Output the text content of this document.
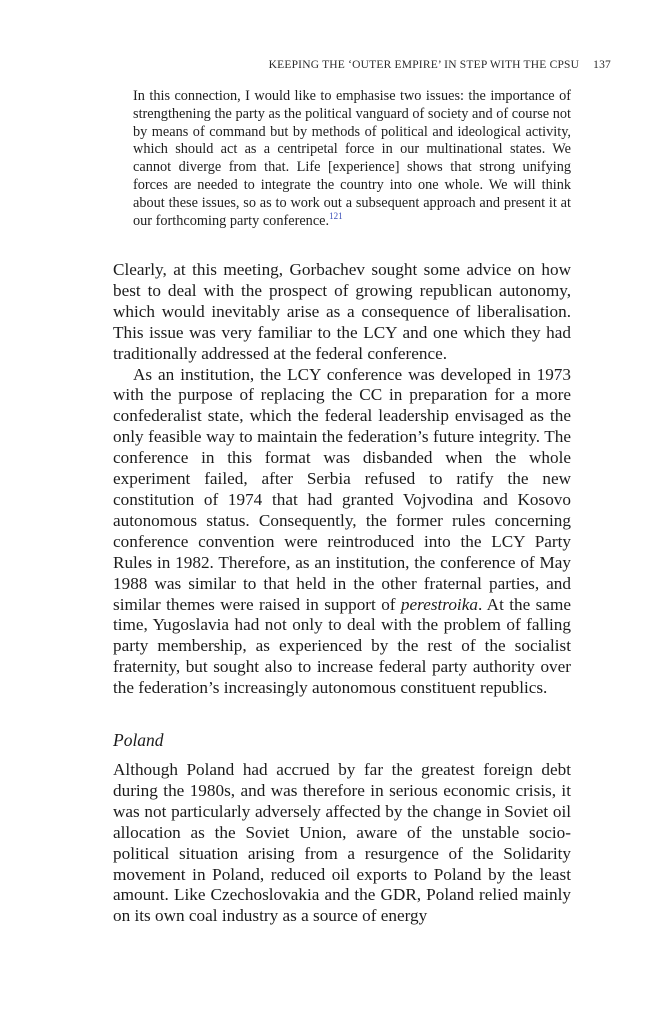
KEEPING THE ‘OUTER EMPIRE’ IN STEP WITH THE CPSU 137
In this connection, I would like to emphasise two issues: the importance of strengthening the party as the political vanguard of society and of course not by means of command but by methods of political and ideological activity, which should act as a centripetal force in our multinational states. We cannot diverge from that. Life [experience] shows that strong unifying forces are needed to integrate the country into one whole. We will think about these issues, so as to work out a subsequent approach and present it at our forthcoming party conference.$^{121}$

Clearly, at this meeting, Gorbachev sought some advice on how best to deal with the prospect of growing republican autonomy, which would inevitably arise as a consequence of liberalisation. This issue was very familiar to the LCY and one which they had traditionally addressed at the federal conference.

As an institution, the LCY conference was developed in 1973 with the purpose of replacing the CC in preparation for a more confederalist state, which the federal leadership envisaged as the only feasible way to maintain the federation’s future integrity. The conference in this format was disbanded when the whole experiment failed, after Serbia refused to ratify the new constitution of 1974 that had granted Vojvodina and Kosovo autonomous status. Consequently, the former rules concerning conference convention were reintroduced into the LCY Party Rules in 1982. Therefore, as an institution, the conference of May 1988 was similar to that held in the other fraternal parties, and similar themes were raised in support of perestroika. At the same time, Yugoslavia had not only to deal with the problem of falling party membership, as experienced by the rest of the socialist fraternity, but sought also to increase federal party authority over the federation’s increasingly autonomous constituent republics.

Poland

Although Poland had accrued by far the greatest foreign debt during the 1980s, and was therefore in serious economic crisis, it was not particularly adversely affected by the change in Soviet oil allocation as the Soviet Union, aware of the unstable socio-political situation arising from a resurgence of the Solidarity movement in Poland, reduced oil exports to Poland by the least amount. Like Czechoslovakia and the GDR, Poland relied mainly on its own coal industry as a source of energy
